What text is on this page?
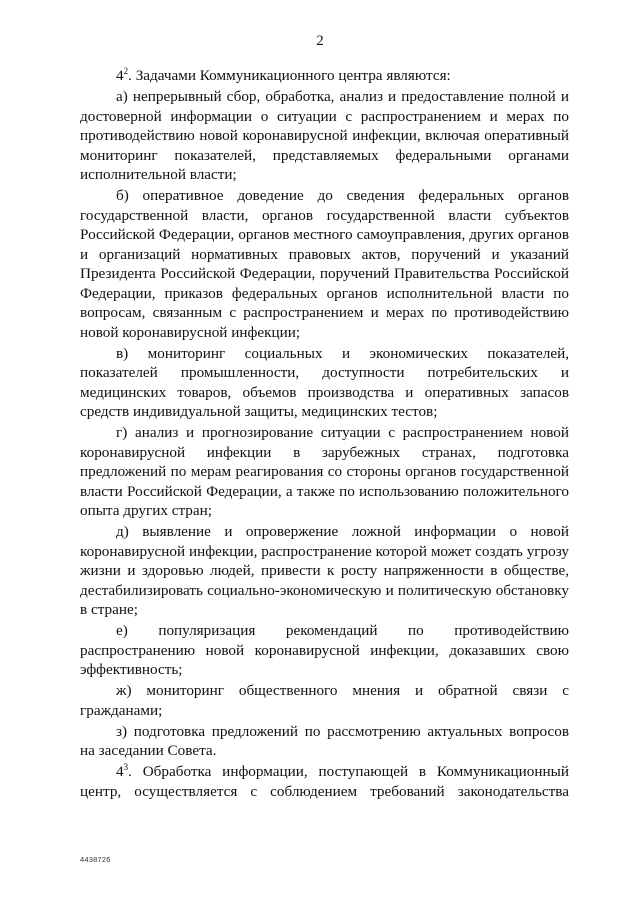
2

$4^2$. Задачами Коммуникационного центра являются:

а) непрерывный сбор, обработка, анализ и предоставление полной и достоверной информации о ситуации с распространением и мерах по противодействию новой коронавирусной инфекции, включая оперативный мониторинг показателей, представляемых федеральными органами исполнительной власти;

б) оперативное доведение до сведения федеральных органов государственной власти, органов государственной власти субъектов Российской Федерации, органов местного самоуправления, других органов и организаций нормативных правовых актов, поручений и указаний Президента Российской Федерации, поручений Правительства Российской Федерации, приказов федеральных органов исполнительной власти по вопросам, связанным с распространением и мерах по противодействию новой коронавирусной инфекции;

в) мониторинг социальных и экономических показателей, показателей промышленности, доступности потребительских и медицинских товаров, объемов производства и оперативных запасов средств индивидуальной защиты, медицинских тестов;

г) анализ и прогнозирование ситуации с распространением новой коронавирусной инфекции в зарубежных странах, подготовка предложений по мерам реагирования со стороны органов государственной власти Российской Федерации, а также по использованию положительного опыта других стран;

д) выявление и опровержение ложной информации о новой коронавирусной инфекции, распространение которой может создать угрозу жизни и здоровью людей, привести к росту напряженности в обществе, дестабилизировать социально-экономическую и политическую обстановку в стране;

е) популяризация рекомендаций по противодействию распространению новой коронавирусной инфекции, доказавших свою эффективность;

ж) мониторинг общественного мнения и обратной связи с гражданами;

з) подготовка предложений по рассмотрению актуальных вопросов на заседании Совета.

$4^3$. Обработка информации, поступающей в Коммуникационный центр, осуществляется с соблюдением требований законодательства

4438726
